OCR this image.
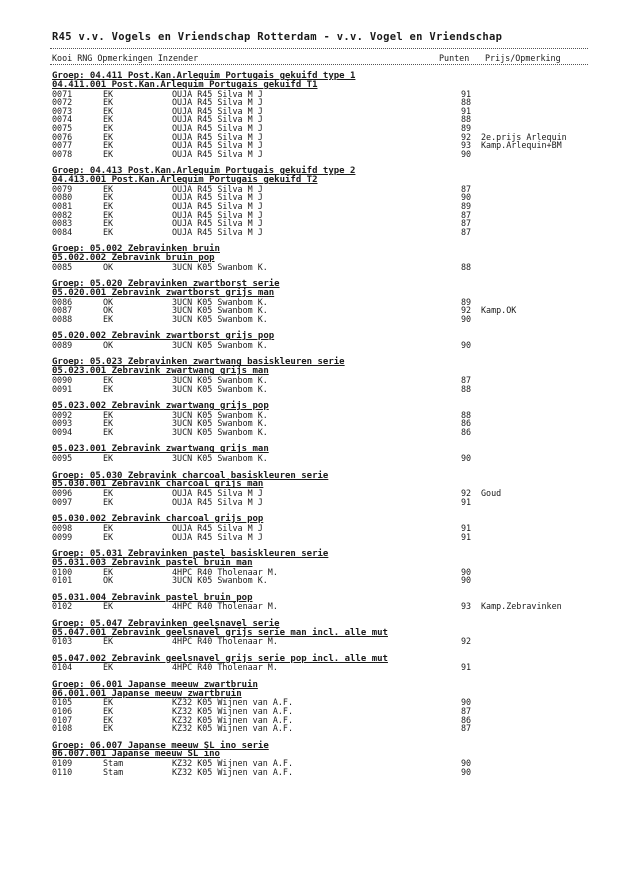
R45 v.v. Vogels en Vriendschap Rotterdam - v.v. Vogel en Vriendschap
Kooi RNG Opmerkingen Inzender	Punten Prijs/Opmerking
Groep: 04.411 Post.Kan.Arlequim Portugais gekuifd type 1
04.411.001 Post.Kan.Arlequim Portugais gekuifd T1
0071	EK	OUJA R45 Silva M J	91
0072	EK	OUJA R45 Silva M J	88
0073	EK	OUJA R45 Silva M J	91
0074	EK	OUJA R45 Silva M J	88
0075	EK	OUJA R45 Silva M J	89
0076	EK	OUJA R45 Silva M J	92 2e.prijs Arlequin
0077	EK	OUJA R45 Silva M J	93 Kamp.Arlequin+BM
0078	EK	OUJA R45 Silva M J	90
Groep: 04.413 Post.Kan.Arlequim Portugais gekuifd type 2
04.413.001 Post.Kan.Arlequim Portugais gekuifd T2
0079	EK	OUJA R45 Silva M J	87
0080	EK	OUJA R45 Silva M J	90
0081	EK	OUJA R45 Silva M J	89
0082	EK	OUJA R45 Silva M J	87
0083	EK	OUJA R45 Silva M J	87
0084	EK	OUJA R45 Silva M J	87
Groep: 05.002 Zebravinken bruin
05.002.002 Zebravink bruin pop
0085	OK	3UCN K05 Swanbom K.	88
Groep: 05.020 Zebravinken zwartborst serie
05.020.001 Zebravink zwartborst grijs man
0086	OK	3UCN K05 Swanbom K.	89
0087	OK	3UCN K05 Swanbom K.	92 Kamp.OK
0088	EK	3UCN K05 Swanbom K.	90
05.020.002 Zebravink zwartborst grijs pop
0089	OK	3UCN K05 Swanbom K.	90
Groep: 05.023 Zebravinken zwartwang basiskleuren serie
05.023.001 Zebravink zwartwang grijs man
0090	EK	3UCN K05 Swanbom K.	87
0091	EK	3UCN K05 Swanbom K.	88
05.023.002 Zebravink zwartwang grijs pop
0092	EK	3UCN K05 Swanbom K.	88
0093	EK	3UCN K05 Swanbom K.	86
0094	EK	3UCN K05 Swanbom K.	86
05.023.001 Zebravink zwartwang grijs man
0095	EK	3UCN K05 Swanbom K.	90
Groep: 05.030 Zebravink charcoal basiskleuren serie
05.030.001 Zebravink charcoal grijs man
0096	EK	OUJA R45 Silva M J	92 Goud
0097	EK	OUJA R45 Silva M J	91
05.030.002 Zebravink charcoal grijs pop
0098	EK	OUJA R45 Silva M J	91
0099	EK	OUJA R45 Silva M J	91
Groep: 05.031 Zebravinken pastel basiskleuren serie
05.031.003 Zebravink pastel bruin man
0100	EK	4HPC R40 Tholenaar M.	90
0101	OK	3UCN K05 Swanbom K.	90
05.031.004 Zebravink pastel bruin pop
0102	EK	4HPC R40 Tholenaar M.	93 Kamp.Zebravinken
Groep: 05.047 Zebravinken geelsnavel serie
05.047.001 Zebravink geelsnavel grijs serie man incl. alle mut
0103	EK	4HPC R40 Tholenaar M.	92
05.047.002 Zebravink geelsnavel grijs serie pop incl. alle mut
0104	EK	4HPC R40 Tholenaar M.	91
Groep: 06.001 Japanse meeuw zwartbruin
06.001.001 Japanse meeuw zwartbruin
0105	EK	KZ32 K05 Wijnen van A.F.	90
0106	EK	KZ32 K05 Wijnen van A.F.	87
0107	EK	KZ32 K05 Wijnen van A.F.	86
0108	EK	KZ32 K05 Wijnen van A.F.	87
Groep: 06.007 Japanse meeuw SL ino serie
06.007.001 Japanse meeuw SL ino
0109	Stam	KZ32 K05 Wijnen van A.F.	90
0110	Stam	KZ32 K05 Wijnen van A.F.	90
